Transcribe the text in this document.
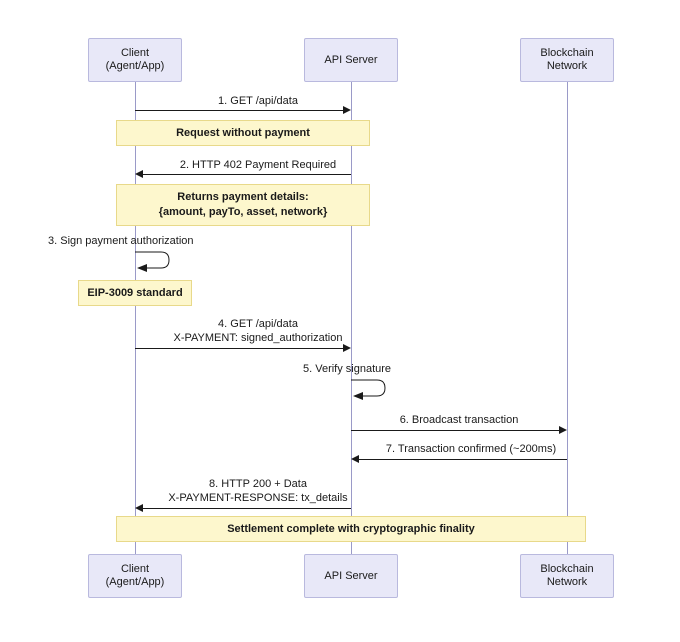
Client
(Agent/App)
API Server
Blockchain
Network
1. GET /api/data
Request without payment
2. HTTP 402 Payment Required
Returns payment details:
{amount, payTo, asset, network}
3. Sign payment authorization
EIP-3009 standard
4. GET /api/data
X-PAYMENT: signed_authorization
5. Verify signature
6. Broadcast transaction
7. Transaction confirmed (~200ms)
8. HTTP 200 + Data
X-PAYMENT-RESPONSE: tx_details
Settlement complete with cryptographic finality
Client
(Agent/App)
API Server
Blockchain
Network
